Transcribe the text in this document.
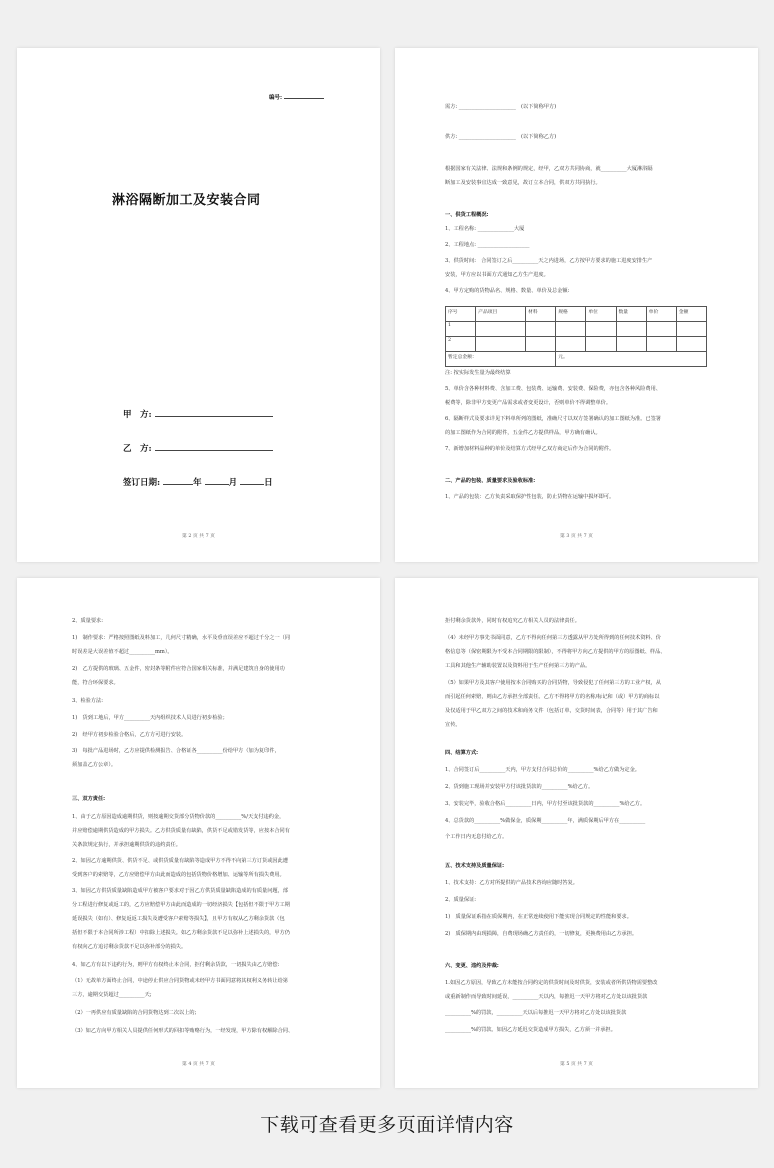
编号:
淋浴隔断加工及安装合同
甲　方:
乙　方:
签订日期:	年	月	日
第 2 页 共 7 页
需方: ______________________　(以下简称甲方)
供方: ______________________　(以下简称乙方)
根据国家有关法律、法规和条例的规定，经甲，乙双方共同协商，就__________大厦淋浴隔
断加工及安装事宜达成一致意见，故订立本合同，供双方共同执行。
一、供货工程概况:
1、工程名称: ______________大厦
2、工程地点: ____________________
3、供货时间:　合同签订之后__________天之内进场，乙方按甲方要求的施工进度安排生产
安装，甲方应以书面方式通知乙方生产进度。
4、甲方定购的货物品名、规格、数量、单价及总金额:
注: 按实际发生量为最终结算
5、单价含各种材料费、含加工费、包装费、运输费、安装费、保险费，亦包含各种风险费用、
税费等，除非甲方变更产品需求或者变更设计，否则单价不得调整单价。
6、隔断样式及要求详见下料单所列的图纸，准确尺寸以双方签署确认的加工图纸为准。已签署
的加工图纸作为合同的附件，五金件乙方提供样品，甲方确有确认。
7、新增加材料品种的单价及结算方式经甲乙双方商定后作为合同的附件。
二、产品的包装、质量要求及验收标准:
1、产品的包装：乙方负责采取保护性包装，防止货物在运输中损坏即可。
序号	产品项目	材料	规格	单位	数量	单价	金额
1							
2							
暂定总金额：			元。				
第 3 页 共 7 页
2、质量要求:
1)　制作要求：严格按照图纸及料加工，几何尺寸精确，水平及垂直误差应不超过千分之一（同
时误差是大误差值不超过__________mm）。
2)　乙方提供的玻璃、五金件，密封条等附件应符合国家相关标准，并满足建筑自身的使用功
能，符合环保要求。
3、检验方法:
1)　货到工地后，甲方__________天内组织技术人员进行初步检验；
2)　经甲方初步检验合格后，乙方方可进行安装。
3)　每批产品进场时，乙方应提供检测报告、合格证各__________份给甲方（加为复印件，
须加盖乙方公章）。
三、双方责任:
1、由于乙方原因造成逾期供货，则按逾期交货部分货物价款的__________%/天支付违约金，
并应赔偿逾期供货造成的甲方损失。乙方供货质量有缺陷，供货不足或错发货等，应按本合同有
关条款规定执行，并承担逾期供货的违约责任。
2、如因乙方逾期供货、供货不足、或供货质量有缺陷等造成甲方不得不向第三方订货或因此遭
受到客户的索赔等，乙方应赔偿甲方由此而造成的包括货物价格增加、运输等所有损失费用。
3、如因乙方供货质量缺陷造成甲方被客户要求对于因乙方供货质量缺陷造成的有质量问题，部
分工程进行修复或返工的，乙方应赔偿甲方由此而造成的一切经济损失【包括但不限于甲方工期
延误损失（如有）、修复返返工损失及遭受客户索赔等损失】，且甲方有权从乙方剩余货款（包
括但不限于本合同所涉工程）中扣除上述损失。如乙方剩余货款不足以弥补上述损失的，甲方仍
有权向乙方追讨剩余货款不足以弥补部分的损失。
4、如乙方有以下违约行为，则甲方有权终止本合同，拒付剩余货款，一切损失由乙方赔偿:
（1）无故单方面终止合同，中途停止供应合同货物或未经甲方书面同意将其权利义务转让给第
三方，逾期交货超过__________天;
（2）一再供应有质量缺陷的合同货物达到二次以上的;
（3）如乙方向甲方相关人员提供任何形式的回扣等贿赂行为，一经发现，甲方除有权解除合同、
第 4 页 共 7 页
拒付剩余货款外，同时有权追究乙方相关人员的法律责任。
（4）未经甲方事先书面同意，乙方不得向任何第三方透露从甲方处所得到的任何技术资料、价
格信息等（保密期限为不受本合同期限的限制），不得将甲方向乙方提供的甲方的原图纸、样品、
工具和其他生产辅助装置以及资料用于生产任何第三方的产品。
（5）如果甲方及其客户使用按本合同购买的合同货物，导致侵犯了任何第三方的工业产权，从
而引起任何索赔，则由乙方承担全部责任。乙方不得将甲方的名称/标记和（或）甲方的商标以
及仅适用于甲乙双方之间的技术和商务文件（包括订单，交货时间表，合同等）用于其广告和
宣传。
四、结算方式:
1、合同签订后__________天内，甲方支付合同总价的__________%给乙方做为定金。
2、货到施工现场并安装甲方付该批货款的__________%给乙方。
3、安装完毕，验收合格后__________日内，甲方付至该批货款的__________%给乙方。
4、总货款的__________%做保金，质保期__________年，满质保期后甲方在__________
个工作日内无息付给乙方。
五、技术支持及质量保证:
1、技术支持：乙方对所提供的产品技术咨询应随时答复。
2、质量保证:
1)　质量保证系指在质保期内，在正常连续使用下能实现合同规定的性能和要求。
2)　质保期内由现损障，自费现场确乙方责任的，一切修复，更换费用由乙方承担。
六、变更、违约及仲裁:
1.如因乙方原因，导致乙方未能按合同约定的供货时间及时供货，安装或者所供货物需要整改
或重新制作而导致时间延误，__________天以内，每推迟一天甲方将对乙方处以该批货款
__________%的罚款，__________天以后每推迟一天甲方将对乙方处以该批货款
__________%的罚款。如因乙方延迟交货造成甲方损失，乙方须一并承担。
第 5 页 共 7 页
下载可查看更多页面详情内容
